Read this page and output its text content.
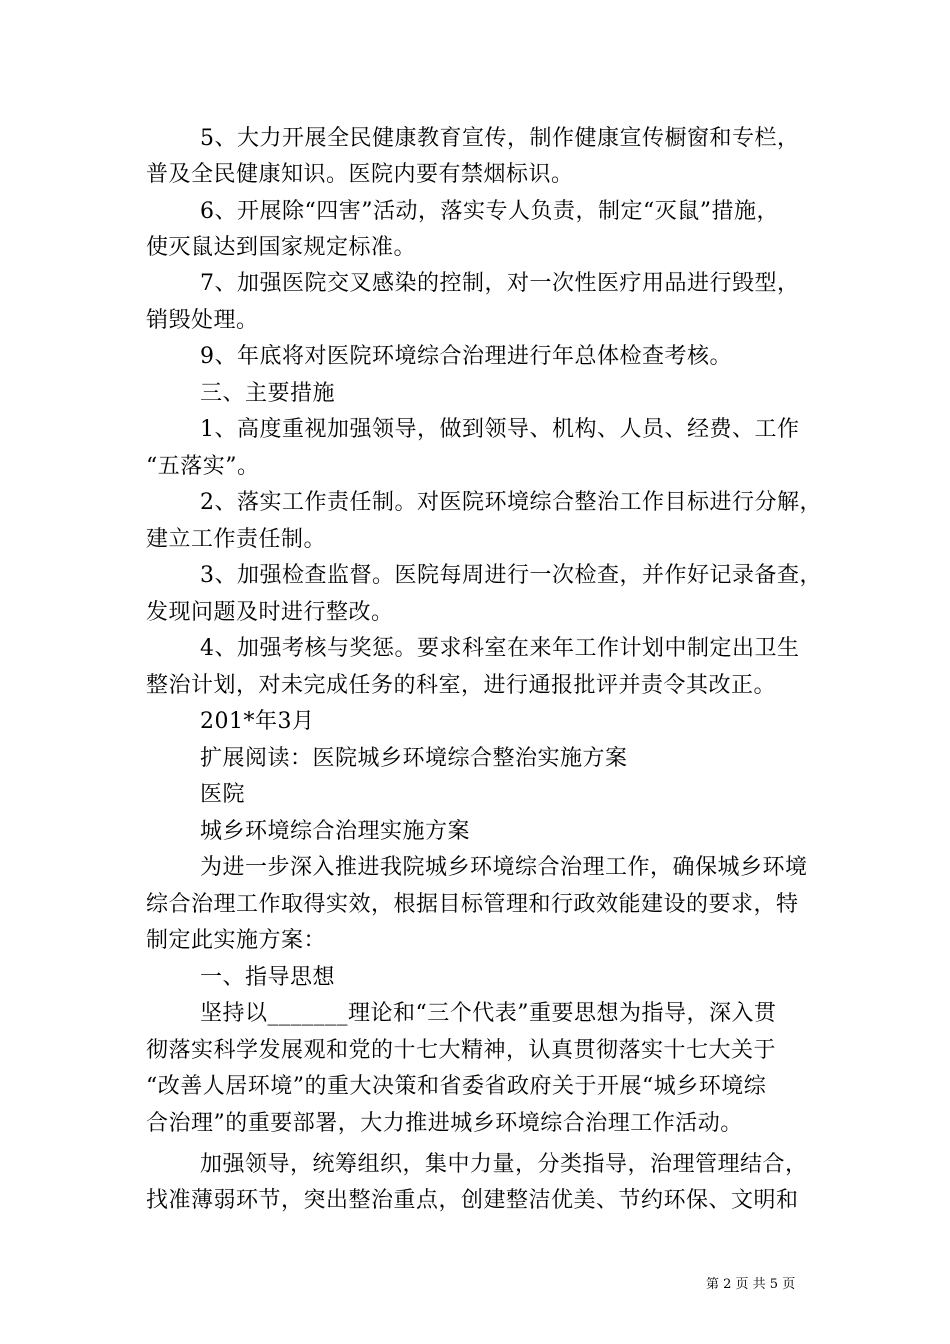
5、大力开展全民健康教育宣传，制作健康宣传橱窗和专栏，
普及全民健康知识。医院内要有禁烟标识。
6、开展除“四害”活动，落实专人负责，制定“灭鼠”措施，
使灭鼠达到国家规定标准。
7、加强医院交叉感染的控制，对一次性医疗用品进行毁型，
销毁处理。
9、年底将对医院环境综合治理进行年总体检查考核。
三、主要措施
1、高度重视加强领导，做到领导、机构、人员、经费、工作
“五落实”。
2、落实工作责任制。对医院环境综合整治工作目标进行分解，
建立工作责任制。
3、加强检查监督。医院每周进行一次检查，并作好记录备查，
发现问题及时进行整改。
4、加强考核与奖惩。要求科室在来年工作计划中制定出卫生
整治计划，对未完成任务的科室，进行通报批评并责令其改正。
201*年3月
扩展阅读：医院城乡环境综合整治实施方案
医院
城乡环境综合治理实施方案
为进一步深入推进我院城乡环境综合治理工作，确保城乡环境
综合治理工作取得实效，根据目标管理和行政效能建设的要求，特
制定此实施方案：
一、指导思想
坚持以_______理论和“三个代表”重要思想为指导，深入贯
彻落实科学发展观和党的十七大精神，认真贯彻落实十七大关于
“改善人居环境”的重大决策和省委省政府关于开展“城乡环境综
合治理”的重要部署，大力推进城乡环境综合治理工作活动。
加强领导，统筹组织，集中力量，分类指导，治理管理结合，
找准薄弱环节，突出整治重点，创建整洁优美、节约环保、文明和
第 2 页 共 5 页
